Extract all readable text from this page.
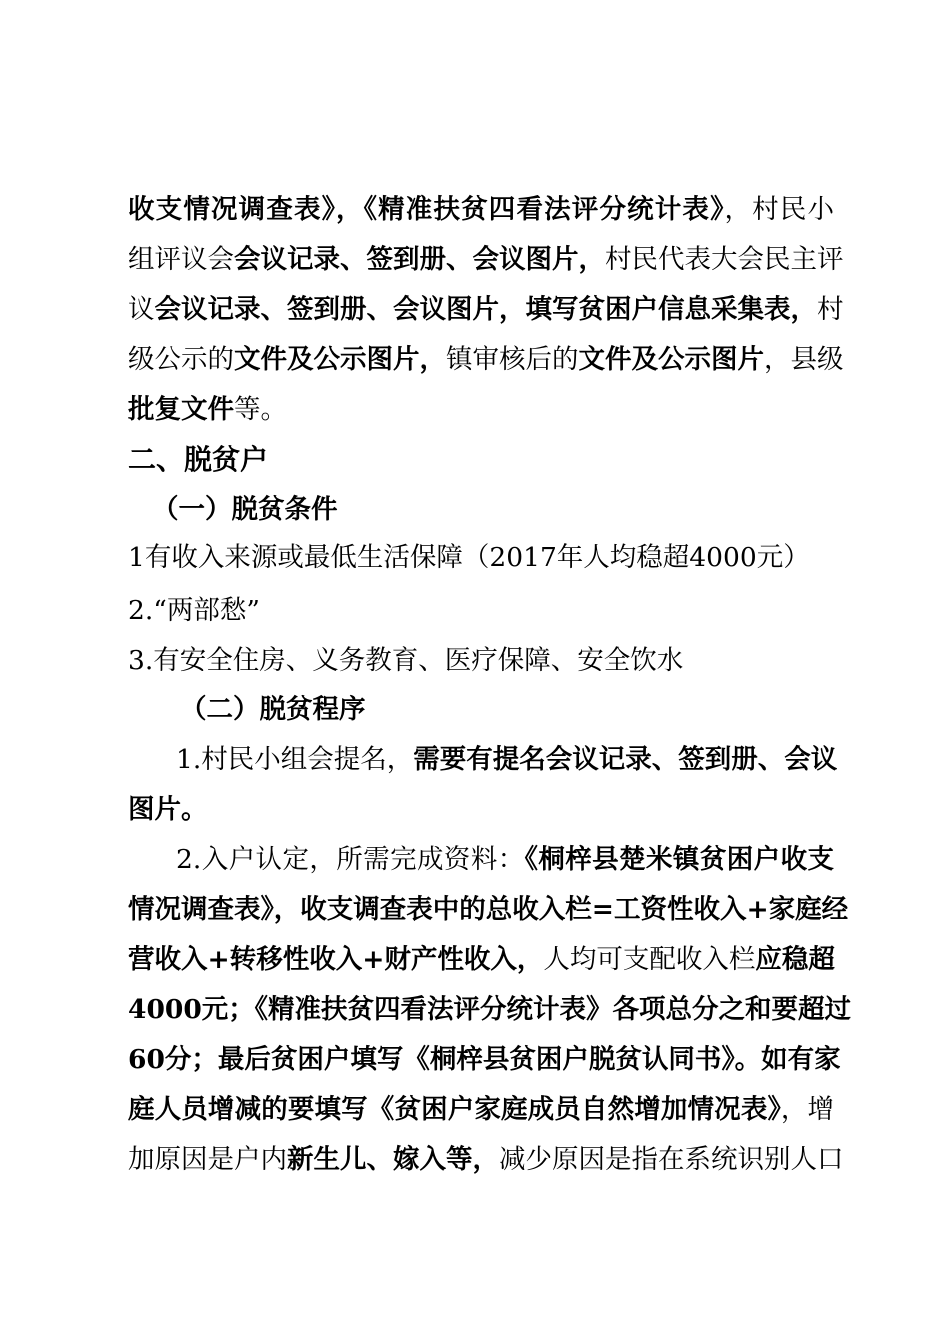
收支情况调查表》，《精准扶贫四看法评分统计表》，村民小
组评议会会议记录、签到册、会议图片，村民代表大会民主评
议会议记录、签到册、会议图片，填写贫困户信息采集表，村
级公示的文件及公示图片，镇审核后的文件及公示图片，县级
批复文件等。
二、脱贫户
（一）脱贫条件
1有收入来源或最低生活保障（2017年人均稳超4000元）
2.“两部愁”
3.有安全住房、义务教育、医疗保障、安全饮水
（二）脱贫程序
1.村民小组会提名，需要有提名会议记录、签到册、会议
图片。
2.入户认定，所需完成资料：《桐梓县楚米镇贫困户收支
情况调查表》，收支调查表中的总收入栏=工资性收入+家庭经
营收入+转移性收入+财产性收入，人均可支配收入栏应稳超
4000元；《精准扶贫四看法评分统计表》各项总分之和要超过
60分；最后贫困户填写《桐梓县贫困户脱贫认同书》。如有家
庭人员增减的要填写《贫困户家庭成员自然增加情况表》，增
加原因是户内新生儿、嫁入等，减少原因是指在系统识别人口
